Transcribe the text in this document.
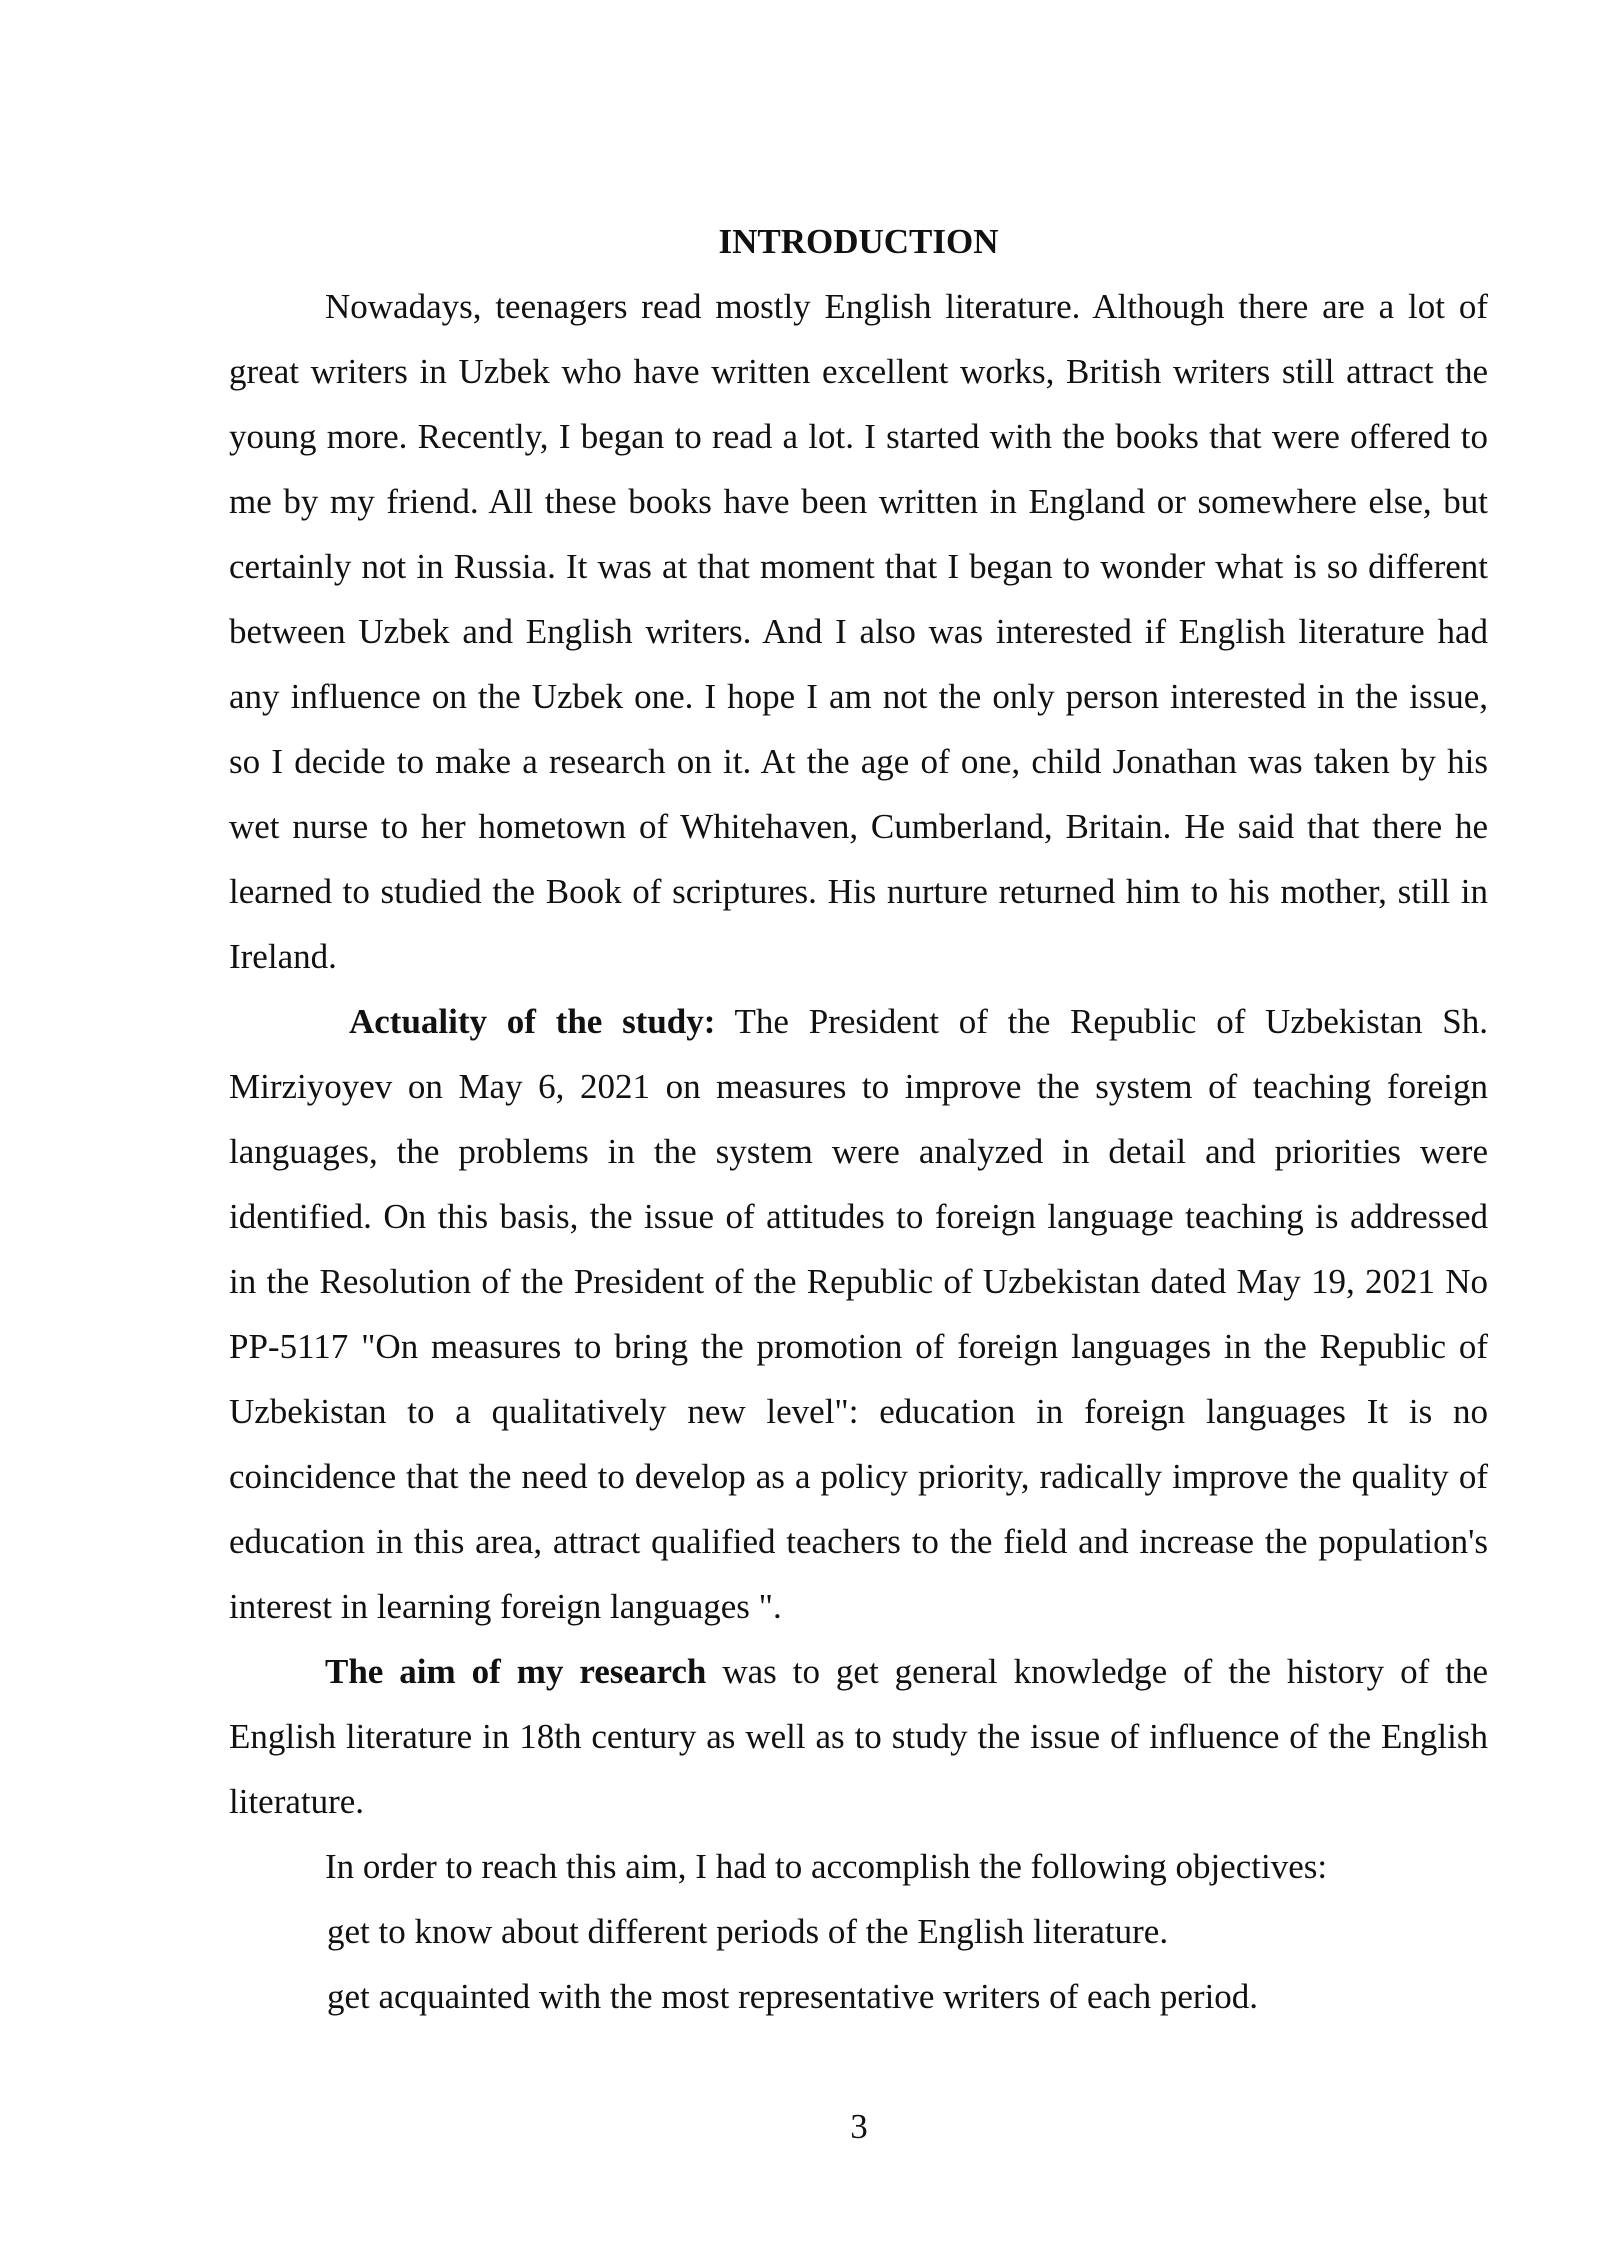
INTRODUCTION

Nowadays, teenagers read mostly English literature. Although there are a lot of great writers in Uzbek who have written excellent works, British writers still attract the young more. Recently, I began to read a lot. I started with the books that were offered to me by my friend. All these books have been written in England or somewhere else, but certainly not in Russia. It was at that moment that I began to wonder what is so different between Uzbek and English writers. And I also was interested if English literature had any influence on the Uzbek one. I hope I am not the only person interested in the issue, so I decide to make a research on it. At the age of one, child Jonathan was taken by his wet nurse to her hometown of Whitehaven, Cumberland, Britain. He said that there he learned to studied the Book of scriptures. His nurture returned him to his mother, still in Ireland.

Actuality of the study: The President of the Republic of Uzbekistan Sh. Mirziyoyev on May 6, 2021 on measures to improve the system of teaching foreign languages, the problems in the system were analyzed in detail and priorities were identified. On this basis, the issue of attitudes to foreign language teaching is addressed in the Resolution of the President of the Republic of Uzbekistan dated May 19, 2021 No PP-5117 "On measures to bring the promotion of foreign languages in the Republic of Uzbekistan to a qualitatively new level": education in foreign languages It is no coincidence that the need to develop as a policy priority, radically improve the quality of education in this area, attract qualified teachers to the field and increase the population's interest in learning foreign languages ".

The aim of my research was to get general knowledge of the history of the English literature in 18th century as well as to study the issue of influence of the English literature.

In order to reach this aim, I had to accomplish the following objectives:
get to know about different periods of the English literature.
get acquainted with the most representative writers of each period.
3
